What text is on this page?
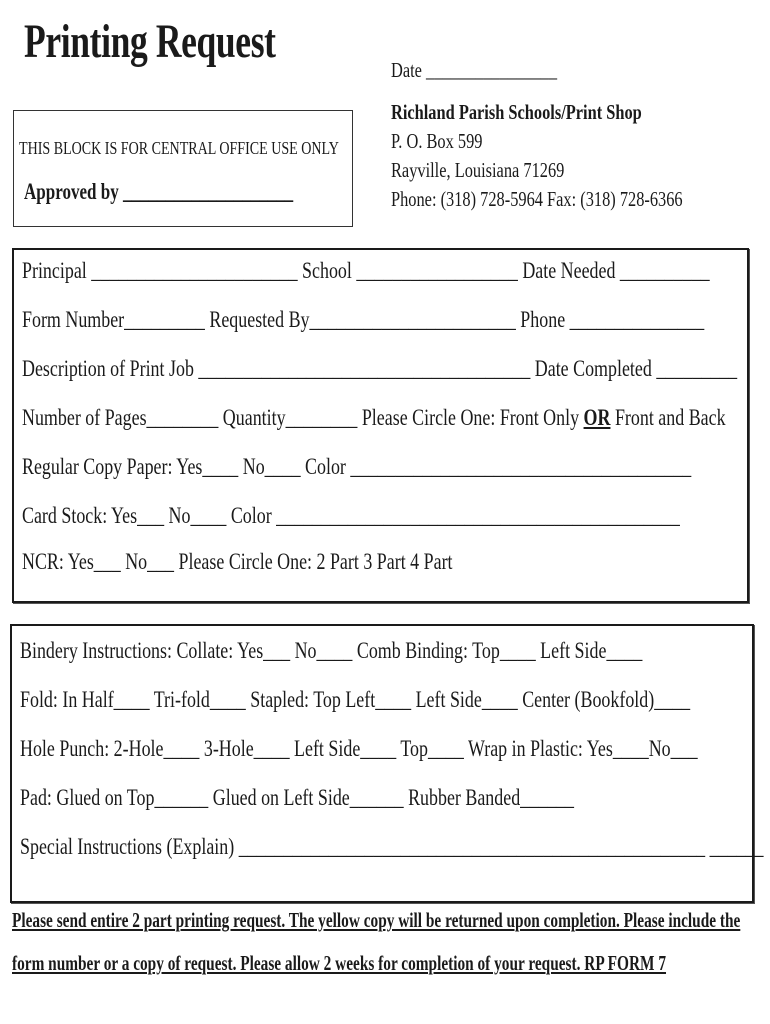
Printing Request
Date ________________
THIS BLOCK IS FOR CENTRAL OFFICE USE ONLY
Approved by ____________________
Richland Parish Schools/Print Shop
P. O. Box 599
Rayville, Louisiana 71269
Phone: (318) 728-5964 Fax: (318) 728-6366
Principal _______________________ School __________________ Date Needed __________
Form Number_________ Requested By_______________________ Phone _______________
Description of Print Job _____________________________________ Date Completed _________
Number of Pages________ Quantity________ Please Circle One: Front Only OR Front and Back
Regular Copy Paper: Yes____ No____ Color ______________________________________
Card Stock: Yes___ No____ Color _____________________________________________
NCR: Yes___ No___ Please Circle One: 2 Part 3 Part 4 Part
Bindery Instructions: Collate: Yes___ No____ Comb Binding: Top____ Left Side____
Fold: In Half____ Tri-fold____ Stapled: Top Left____ Left Side____ Center (Bookfold)____
Hole Punch: 2-Hole____ 3-Hole____ Left Side____ Top____ Wrap in Plastic: Yes____No___
Pad: Glued on Top______ Glued on Left Side______ Rubber Banded______
Special Instructions (Explain) ____________________________________________________ ______
Please send entire 2 part printing request. The yellow copy will be returned upon completion. Please include the
form number or a copy of request. Please allow 2 weeks for completion of your request. RP FORM 7
